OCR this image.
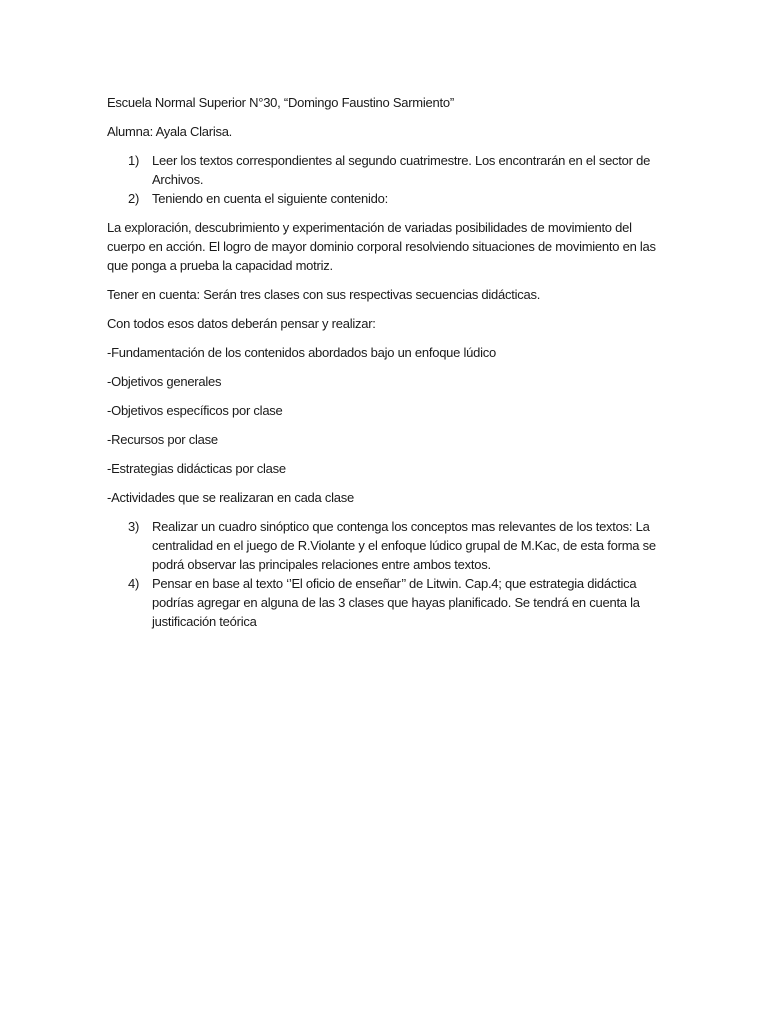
Escuela Normal Superior N°30, “Domingo Faustino Sarmiento”

Alumna: Ayala Clarisa.

1) Leer los textos correspondientes al segundo cuatrimestre. Los encontrarán en el sector de Archivos.
2) Teniendo en cuenta el siguiente contenido:

La exploración, descubrimiento y experimentación de variadas posibilidades de movimiento del cuerpo en acción. El logro de mayor dominio corporal resolviendo situaciones de movimiento en las que ponga a prueba la capacidad motriz.

Tener en cuenta: Serán tres clases con sus respectivas secuencias didácticas.

Con todos esos datos deberán pensar y realizar:

-Fundamentación de los contenidos abordados bajo un enfoque lúdico

-Objetivos generales

-Objetivos específicos por clase

-Recursos por clase

-Estrategias didácticas por clase

-Actividades que se realizaran en cada clase

3) Realizar un cuadro sinóptico que contenga los conceptos mas relevantes de los textos: La centralidad en el juego de R.Violante y el enfoque lúdico grupal de M.Kac, de esta forma se podrá observar las principales relaciones entre ambos textos.
4) Pensar en base al texto ‘’El oficio de enseñar’’ de Litwin. Cap.4; que estrategia didáctica podrías agregar en alguna de las 3 clases que hayas planificado. Se tendrá en cuenta la justificación teórica
